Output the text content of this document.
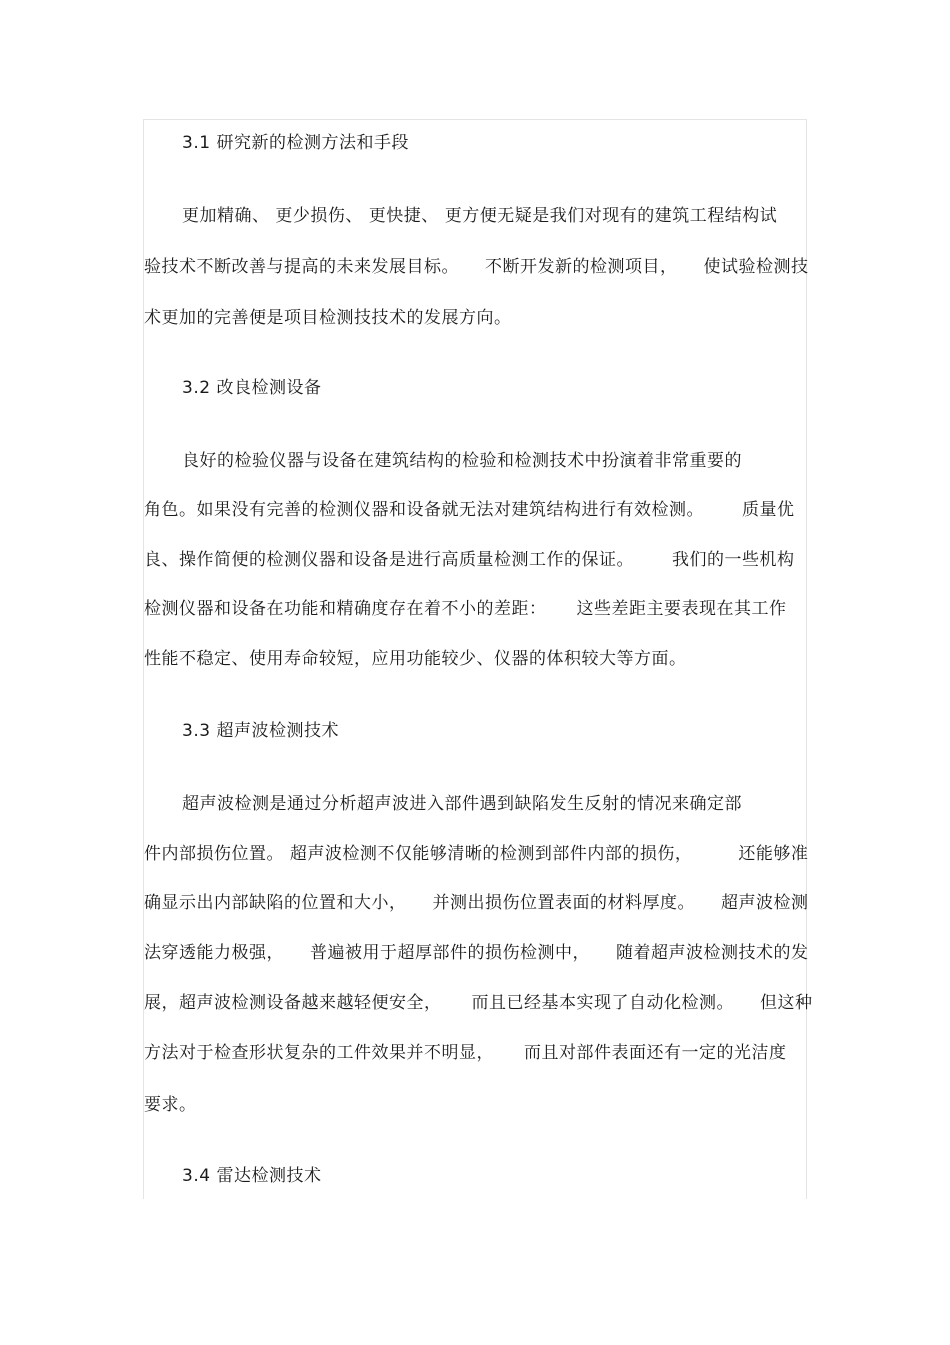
3.1 研究新的检测方法和手段
更加精确、 更少损伤、 更快捷、 更方便无疑是我们对现有的建筑工程结构试
验技术不断改善与提高的未来发展目标。 不断开发新的检测项目， 使试验检测技
术更加的完善便是项目检测技技术的发展方向。
3.2 改良检测设备
良好的检验仪器与设备在建筑结构的检验和检测技术中扮演着非常重要的
角色。如果没有完善的检测仪器和设备就无法对建筑结构进行有效检测。 质量优
良、操作简便的检测仪器和设备是进行高质量检测工作的保证。 我们的一些机构
检测仪器和设备在功能和精确度存在着不小的差距： 这些差距主要表现在其工作
性能不稳定、使用寿命较短，应用功能较少、仪器的体积较大等方面。
3.3 超声波检测技术
超声波检测是通过分析超声波进入部件遇到缺陷发生反射的情况来确定部
件内部损伤位置。 超声波检测不仅能够清晰的检测到部件内部的损伤，	还能够准
确显示出内部缺陷的位置和大小， 并测出损伤位置表面的材料厚度。 超声波检测
法穿透能力极强， 普遍被用于超厚部件的损伤检测中， 随着超声波检测技术的发
展，超声波检测设备越来越轻便安全， 而且已经基本实现了自动化检测。 但这种
方法对于检查形状复杂的工件效果并不明显， 而且对部件表面还有一定的光洁度
要求。
3.4 雷达检测技术
